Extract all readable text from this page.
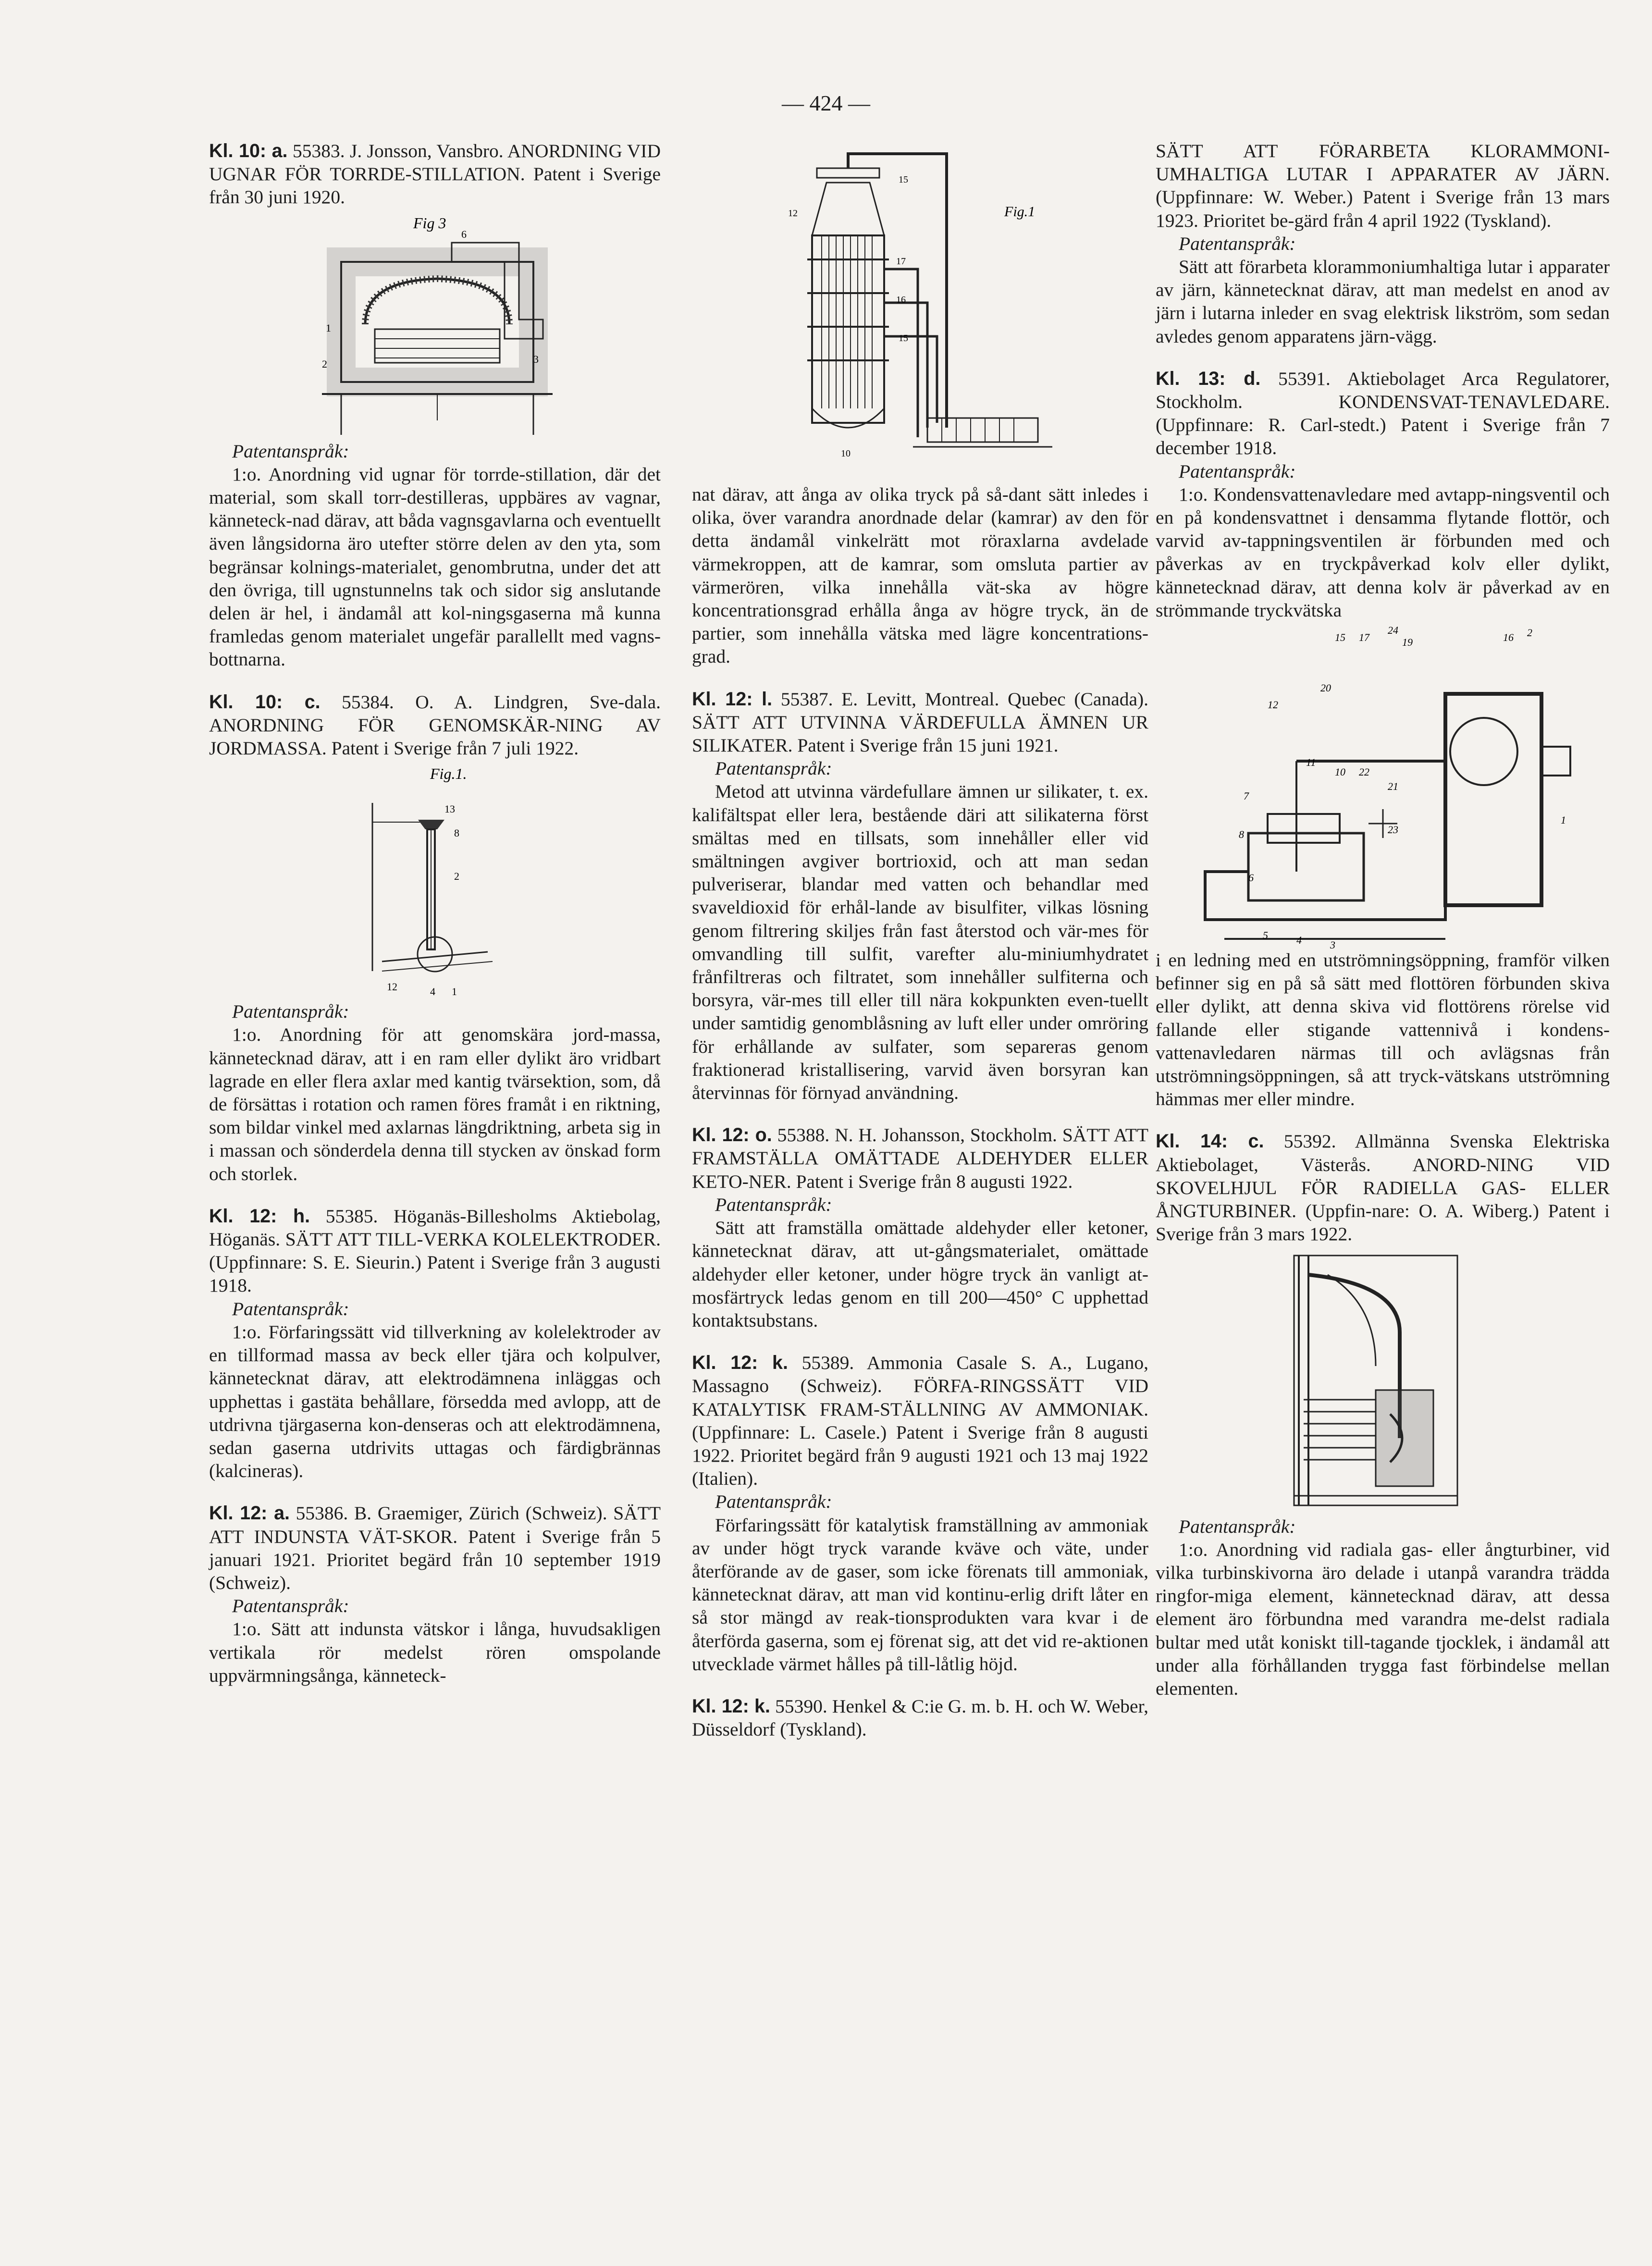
— 424 —
Kl. 10: a. 55383. J. Jonsson, Vansbro. ANORDNING VID UGNAR FÖR TORRDE-STILLATION. Patent i Sverige från 30 juni 1920.
Fig 3
1
2	3
6
Patentanspråk:
1:o. Anordning vid ugnar för torrde-stillation, där det material, som skall torr-destilleras, uppbäres av vagnar, känneteck-nad därav, att båda vagnsgavlarna och eventuellt även långsidorna äro utefter större delen av den yta, som begränsar kolnings-materialet, genombrutna, under det att den övriga, till ugnstunnelns tak och sidor sig anslutande delen är hel, i ändamål att kol-ningsgaserna må kunna framledas genom materialet ungefär parallellt med vagns-bottnarna.
Kl. 10: c. 55384. O. A. Lindgren, Sve-dala. ANORDNING FÖR GENOMSKÄR-NING AV JORDMASSA. Patent i Sverige från 7 juli 1922.
Fig.1.
13
8
2
12	4 1
Patentanspråk:
1:o. Anordning för att genomskära jord-massa, kännetecknad därav, att i en ram eller dylikt äro vridbart lagrade en eller flera axlar med kantig tvärsektion, som, då de försättas i rotation och ramen föres framåt i en riktning, som bildar vinkel med axlarnas längdriktning, arbeta sig in i massan och sönderdela denna till stycken av önskad form och storlek.
Kl. 12: h. 55385. Höganäs-Billesholms Aktiebolag, Höganäs. SÄTT ATT TILL-VERKA KOLELEKTRODER. (Uppfinnare: S. E. Sieurin.) Patent i Sverige från 3 augusti 1918.
Patentanspråk:
1:o. Förfaringssätt vid tillverkning av kolelektroder av en tillformad massa av beck eller tjära och kolpulver, kännetecknat därav, att elektrodämnena inläggas och upphettas i gastäta behållare, försedda med avlopp, att de utdrivna tjärgaserna kon-denseras och att elektrodämnena, sedan gaserna utdrivits uttagas och färdigbrännas (kalcineras).
Kl. 12: a. 55386. B. Graemiger, Zürich (Schweiz). SÄTT ATT INDUNSTA VÄT-SKOR. Patent i Sverige från 5 januari 1921. Prioritet begärd från 10 september 1919 (Schweiz).
Patentanspråk:
1:o. Sätt att indunsta vätskor i långa, huvudsakligen vertikala rör medelst rören omspolande uppvärmningsånga, känneteck-
Fig.1
15
12
17
16
15
10
nat därav, att ånga av olika tryck på så-dant sätt inledes i olika, över varandra anordnade delar (kamrar) av den för detta ändamål vinkelrätt mot röraxlarna avdelade värmekroppen, att de kamrar, som omsluta partier av värmerören, vilka innehålla vät-ska av högre koncentrationsgrad erhålla ånga av högre tryck, än de partier, som innehålla vätska med lägre koncentrations-grad.
Kl. 12: l. 55387. E. Levitt, Montreal. Quebec (Canada). SÄTT ATT UTVINNA VÄRDEFULLA ÄMNEN UR SILIKATER. Patent i Sverige från 15 juni 1921.
Patentanspråk:
Metod att utvinna värdefullare ämnen ur silikater, t. ex. kalifältspat eller lera, bestående däri att silikaterna först smältas med en tillsats, som innehåller eller vid smältningen avgiver bortrioxid, och att man sedan pulveriserar, blandar med vatten och behandlar med svaveldioxid för erhål-lande av bisulfiter, vilkas lösning genom filtrering skiljes från fast återstod och vär-mes för omvandling till sulfit, varefter alu-miniumhydratet frånfiltreras och filtratet, som innehåller sulfiterna och borsyra, vär-mes till eller till nära kokpunkten even-tuellt under samtidig genomblåsning av luft eller under omröring för erhållande av sulfater, som separeras genom fraktionerad kristallisering, varvid även borsyran kan återvinnas för förnyad användning.
Kl. 12: o. 55388. N. H. Johansson, Stockholm. SÄTT ATT FRAMSTÄLLA OMÄTTADE ALDEHYDER ELLER KETO-NER. Patent i Sverige från 8 augusti 1922.
Patentanspråk:
Sätt att framställa omättade aldehyder eller ketoner, kännetecknat därav, att ut-gångsmaterialet, omättade aldehyder eller ketoner, under högre tryck än vanligt at-mosfärtryck ledas genom en till 200—450° C upphettad kontaktsubstans.
Kl. 12: k. 55389. Ammonia Casale S. A., Lugano, Massagno (Schweiz). FÖRFA-RINGSSÄTT VID KATALYTISK FRAM-STÄLLNING AV AMMONIAK. (Uppfinnare: L. Casele.) Patent i Sverige från 8 augusti 1922. Prioritet begärd från 9 augusti 1921 och 13 maj 1922 (Italien).
Patentanspråk:
Förfaringssätt för katalytisk framställning av ammoniak av under högt tryck varande kväve och väte, under återförande av de gaser, som icke förenats till ammoniak, kännetecknat därav, att man vid kontinu-erlig drift låter en så stor mängd av reak-tionsprodukten vara kvar i de återförda gaserna, som ej förenat sig, att det vid re-aktionen utvecklade värmet hålles på till-låtlig höjd.
Kl. 12: k. 55390. Henkel & C:ie G. m. b. H. och W. Weber, Düsseldorf (Tyskland).
SÄTT ATT FÖRARBETA KLORAMMONI-UMHALTIGA LUTAR I APPARATER AV JÄRN. (Uppfinnare: W. Weber.) Patent i Sverige från 13 mars 1923. Prioritet be-gärd från 4 april 1922 (Tyskland).
Patentanspråk:
Sätt att förarbeta klorammoniumhaltiga lutar i apparater av järn, kännetecknat därav, att man medelst en anod av järn i lutarna inleder en svag elektrisk likström, som sedan avledes genom apparatens järn-vägg.
Kl. 13: d. 55391. Aktiebolaget Arca Regulatorer, Stockholm. KONDENSVAT-TENAVLEDARE. (Uppfinnare: R. Carl-stedt.) Patent i Sverige från 7 december 1918.
Patentanspråk:
1:o. Kondensvattenavledare med avtapp-ningsventil och en på kondensvattnet i densamma flytande flottör, och varvid av-tappningsventilen är förbunden med och påverkas av en tryckpåverkad kolv eller dylikt, kännetecknad därav, att denna kolv är påverkad av en strömmande tryckvätska
15 17
24
19	16 2
20
12
11
10 22
21
7
8
6
23
1
5	4	3
i en ledning med en utströmningsöppning, framför vilken befinner sig en på så sätt med flottören förbunden skiva eller dylikt, att denna skiva vid flottörens rörelse vid fallande eller stigande vattennivå i kondens-vattenavledaren närmas till och avlägsnas från utströmningsöppningen, så att tryck-vätskans utströmning hämmas mer eller mindre.
Kl. 14: c. 55392. Allmänna Svenska Elektriska Aktiebolaget, Västerås. ANORD-NING VID SKOVELHJUL FÖR RADIELLA GAS- ELLER ÅNGTURBINER. (Uppfin-nare: O. A. Wiberg.) Patent i Sverige från 3 mars 1922.
Patentanspråk:
1:o. Anordning vid radiala gas- eller ångturbiner, vid vilka turbinskivorna äro delade i utanpå varandra trädda ringfor-miga element, kännetecknad därav, att dessa element äro förbundna med varandra me-delst radiala bultar med utåt koniskt till-tagande tjocklek, i ändamål att under alla förhållanden trygga fast förbindelse mellan elementen.
